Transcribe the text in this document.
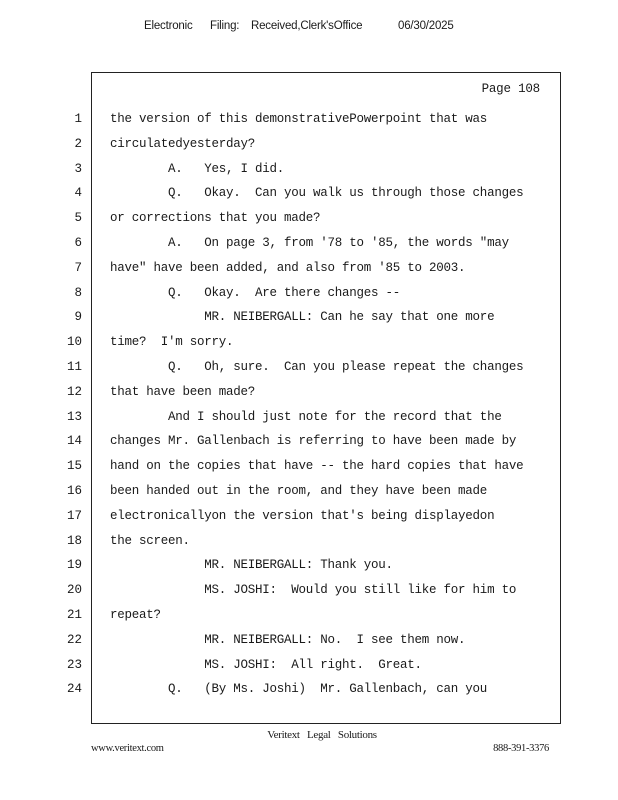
Electronic Filing: Received,Clerk'sOffice	06/30/2025
Page 108
1 the version of this demonstrativePowerpoint that was
2 circulatedyesterday?
3 A.   Yes, I did.
4 Q.   Okay.  Can you walk us through those changes
5 or corrections that you made?
6 A.   On page 3, from '78 to '85, the words "may
7 have" have been added, and also from '85 to 2003.
8 Q.   Okay.  Are there changes --
9 MR. NEIBERGALL: Can he say that one more
10 time?  I'm sorry.
11 Q.   Oh, sure.  Can you please repeat the changes
12 that have been made?
13 And I should just note for the record that the
14 changes Mr. Gallenbach is referring to have been made by
15 hand on the copies that have -- the hard copies that have
16 been handed out in the room, and they have been made
17 electronicallyon the version that's being displayedon
18 the screen.
19 MR. NEIBERGALL: Thank you.
20 MS. JOSHI:  Would you still like for him to
21 repeat?
22 MR. NEIBERGALL: No.  I see them now.
23 MS. JOSHI:  All right.  Great.
24 Q.   (By Ms. Joshi)  Mr. Gallenbach, can you
Veritext   Legal   Solutions
www.veritext.com	888-391-3376
